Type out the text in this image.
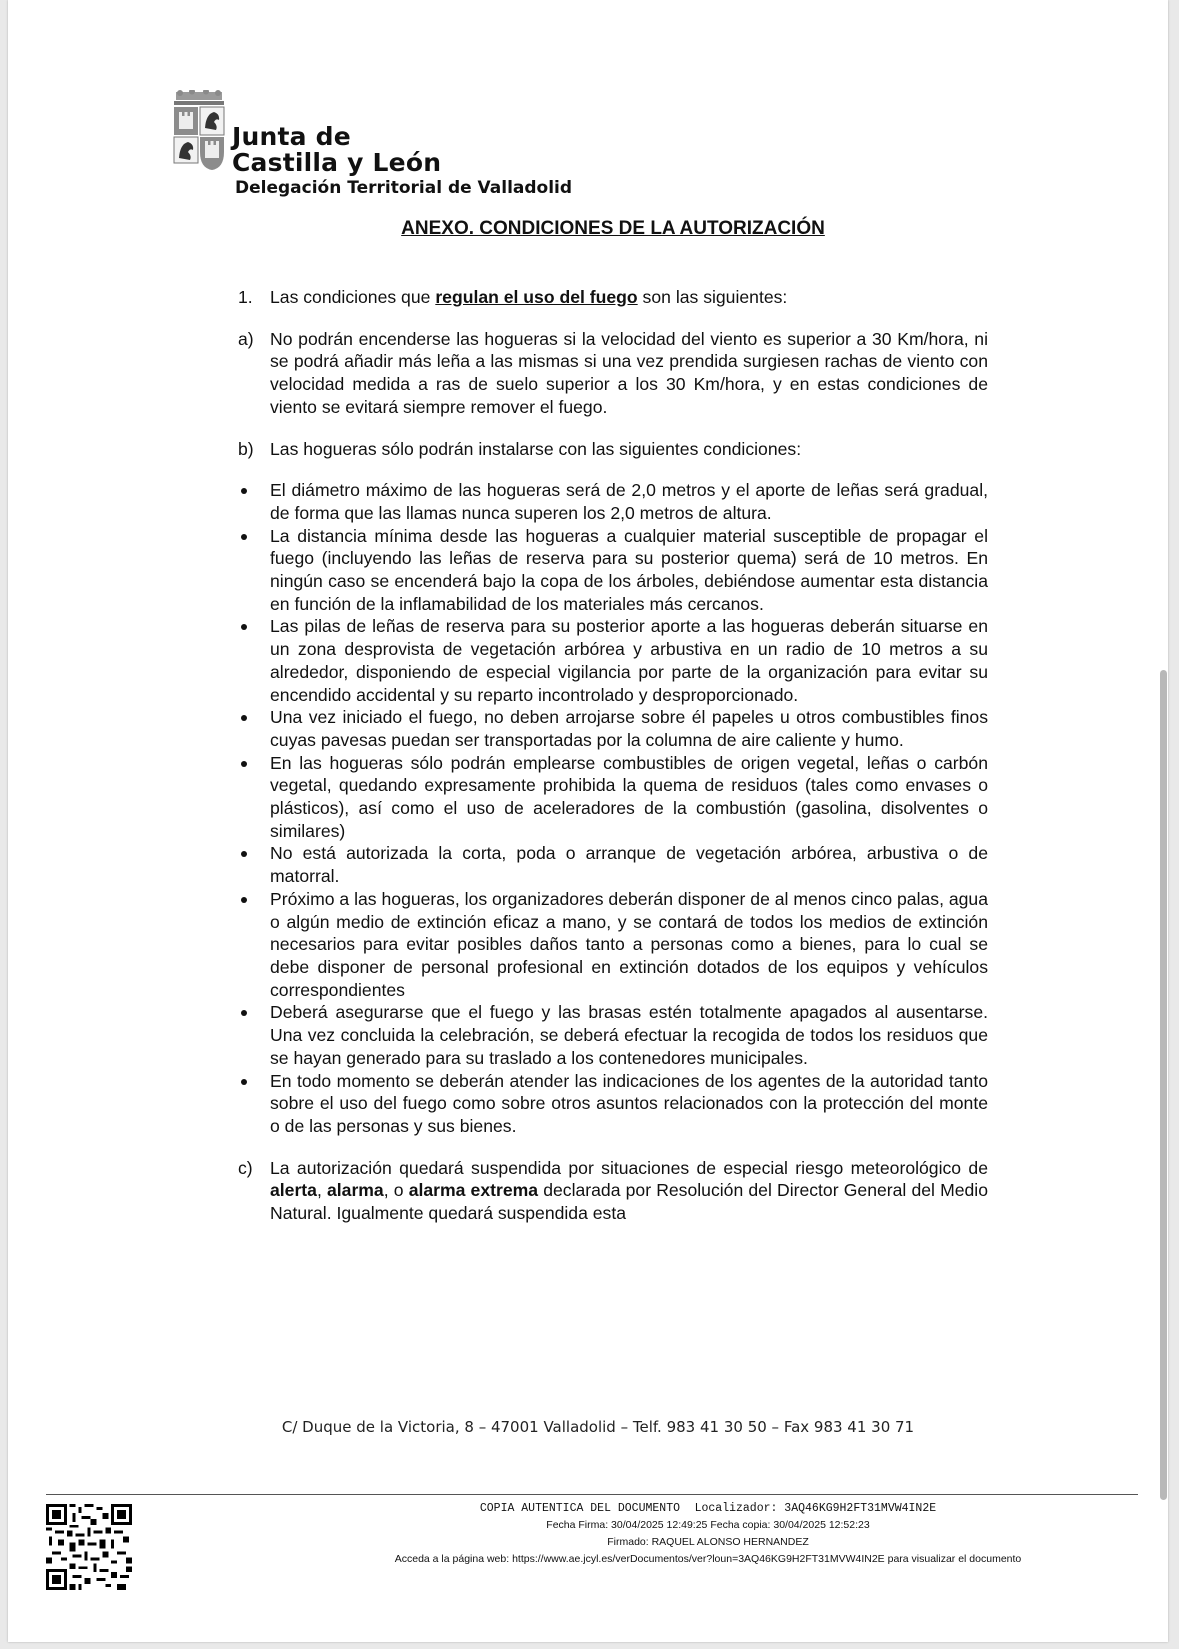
Junta de
Castilla y León
Delegación Territorial de Valladolid
ANEXO. CONDICIONES DE LA AUTORIZACIÓN
1. Las condiciones que regulan el uso del fuego son las siguientes:
a) No podrán encenderse las hogueras si la velocidad del viento es superior a 30 Km/hora, ni se podrá añadir más leña a las mismas si una vez prendida surgiesen rachas de viento con velocidad medida a ras de suelo superior a los 30 Km/hora, y en estas condiciones de viento se evitará siempre remover el fuego.
b) Las hogueras sólo podrán instalarse con las siguientes condiciones:
El diámetro máximo de las hogueras será de 2,0 metros y el aporte de leñas será gradual, de forma que las llamas nunca superen los 2,0 metros de altura.
La distancia mínima desde las hogueras a cualquier material susceptible de propagar el fuego (incluyendo las leñas de reserva para su posterior quema) será de 10 metros. En ningún caso se encenderá bajo la copa de los árboles, debiéndose aumentar esta distancia en función de la inflamabilidad de los materiales más cercanos.
Las pilas de leñas de reserva para su posterior aporte a las hogueras deberán situarse en un zona desprovista de vegetación arbórea y arbustiva en un radio de 10 metros a su alrededor, disponiendo de especial vigilancia por parte de la organización para evitar su encendido accidental y su reparto incontrolado y desproporcionado.
Una vez iniciado el fuego, no deben arrojarse sobre él papeles u otros combustibles finos cuyas pavesas puedan ser transportadas por la columna de aire caliente y humo.
En las hogueras sólo podrán emplearse combustibles de origen vegetal, leñas o carbón vegetal, quedando expresamente prohibida la quema de residuos (tales como envases o plásticos), así como el uso de aceleradores de la combustión (gasolina, disolventes o similares)
No está autorizada la corta, poda o arranque de vegetación arbórea, arbustiva o de matorral.
Próximo a las hogueras, los organizadores deberán disponer de al menos cinco palas, agua o algún medio de extinción eficaz a mano, y se contará de todos los medios de extinción necesarios para evitar posibles daños tanto a personas como a bienes, para lo cual se debe disponer de personal profesional en extinción dotados de los equipos y vehículos correspondientes
Deberá asegurarse que el fuego y las brasas estén totalmente apagados al ausentarse. Una vez concluida la celebración, se deberá efectuar la recogida de todos los residuos que se hayan generado para su traslado a los contenedores municipales.
En todo momento se deberán atender las indicaciones de los agentes de la autoridad tanto sobre el uso del fuego como sobre otros asuntos relacionados con la protección del monte o de las personas y sus bienes.
c) La autorización quedará suspendida por situaciones de especial riesgo meteorológico de alerta, alarma, o alarma extrema declarada por Resolución del Director General del Medio Natural. Igualmente quedará suspendida esta
C/ Duque de la Victoria, 8 – 47001 Valladolid – Telf. 983 41 30 50 – Fax 983 41 30 71
COPIA AUTENTICA DEL DOCUMENTO Localizador: 3AQ46KG9H2FT31MVW4IN2E
Fecha Firma: 30/04/2025 12:49:25 Fecha copia: 30/04/2025 12:52:23
Firmado: RAQUEL ALONSO HERNANDEZ
Acceda a la página web: https://www.ae.jcyl.es/verDocumentos/ver?loun=3AQ46KG9H2FT31MVW4IN2E para visualizar el documento
